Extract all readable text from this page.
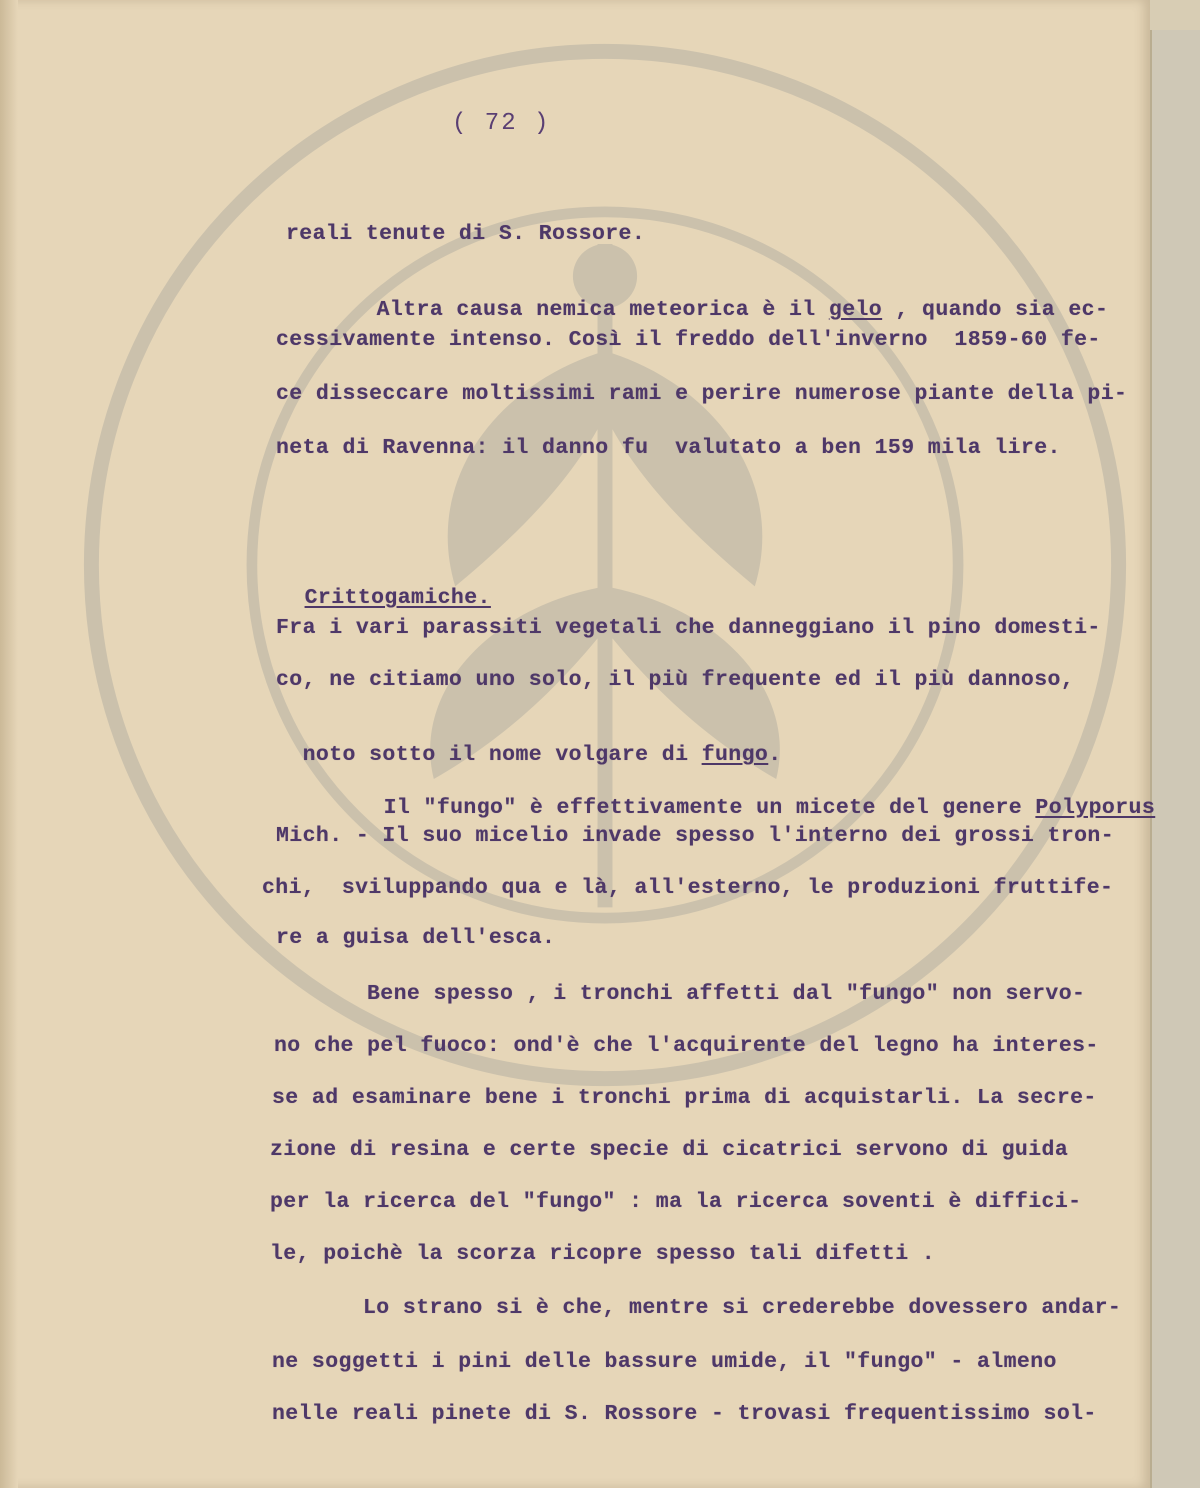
( 72 )
reali tenute di S. Rossore.

Altra causa nemica meteorica è il gelo , quando sia ec-

cessivamente intenso. Così il freddo dell'inverno  1859-60 fe-
ce disseccare moltissimi rami e perire numerose piante della pi-
neta di Ravenna: il danno fu  valutato a ben 159 mila lire.

Crittogamiche.

Fra i vari parassiti vegetali che danneggiano il pino domesti-
co, ne citiamo uno solo, il più frequente ed il più dannoso,

noto sotto il nome volgare di fungo.

Il "fungo" è effettivamente un micete del genere Polyporus

Mich. - Il suo micelio invade spesso l'interno dei grossi tron-
chi,  sviluppando qua e là, all'esterno, le produzioni fruttife-
re a guisa dell'esca.
Bene spesso , i tronchi affetti dal "fungo" non servo-
no che pel fuoco: ond'è che l'acquirente del legno ha interes-
se ad esaminare bene i tronchi prima di acquistarli. La secre-
zione di resina e certe specie di cicatrici servono di guida
per la ricerca del "fungo" : ma la ricerca soventi è diffici-
le, poichè la scorza ricopre spesso tali difetti .
Lo strano si è che, mentre si crederebbe dovessero andar-
ne soggetti i pini delle bassure umide, il "fungo" - almeno
nelle reali pinete di S. Rossore - trovasi frequentissimo sol-
